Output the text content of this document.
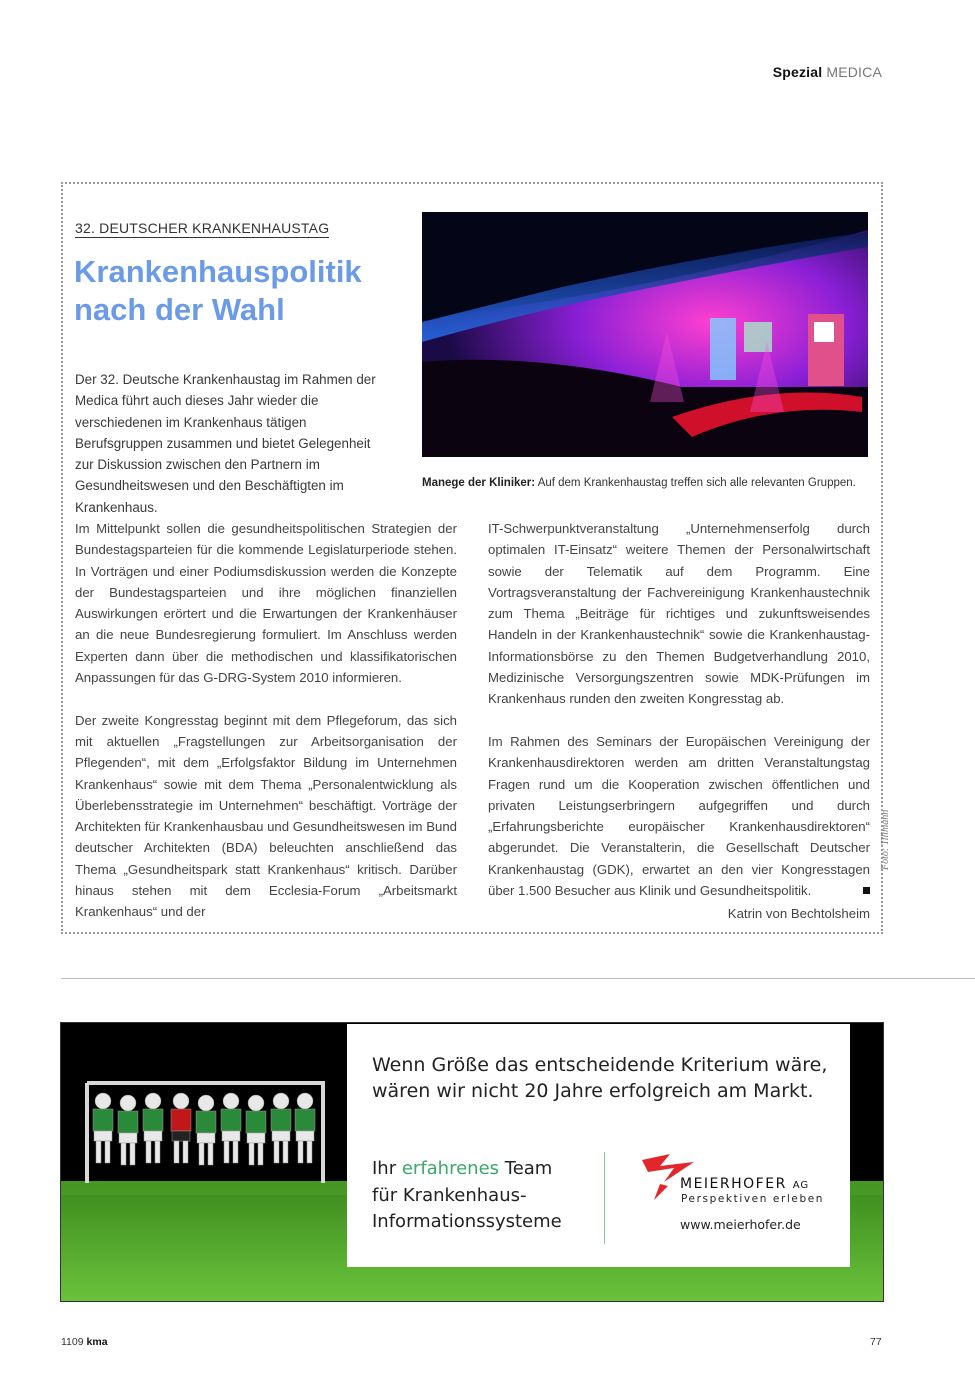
Spezial MEDICA
32. DEUTSCHER KRANKENHAUSTAG
Krankenhauspolitik
nach der Wahl
Der 32. Deutsche Krankenhaustag im Rahmen der Medica führt auch dieses Jahr wieder die verschiedenen im Krankenhaus tätigen Berufsgruppen zusammen und bietet Gelegenheit zur Diskussion zwischen den Partnern im Gesundheitswesen und den Beschäftigten im Krankenhaus.
Manege der Kliniker: Auf dem Krankenhaustag treffen sich alle relevanten Gruppen.

Im Mittelpunkt sollen die gesundheitspolitischen Strategien der Bundestagsparteien für die kommende Legislaturperiode stehen. In Vorträgen und einer Podiumsdiskussion werden die Konzepte der Bundestagsparteien und ihre möglichen finanziellen Auswirkungen erörtert und die Erwartungen der Krankenhäuser an die neue Bundesregierung formuliert. Im Anschluss werden Experten dann über die methodischen und klassifikatorischen Anpassungen für das G-DRG-System 2010 informieren.

Der zweite Kongresstag beginnt mit dem Pflegeforum, das sich mit aktuellen „Fragstellungen zur Arbeitsorganisation der Pflegenden“, mit dem „Erfolgsfaktor Bildung im Unternehmen Krankenhaus“ sowie mit dem Thema „Personalentwicklung als Überlebensstrategie im Unternehmen“ beschäftigt. Vorträge der Architekten für Krankenhausbau und Gesundheitswesen im Bund deutscher Architekten (BDA) beleuchten anschließend das Thema „Gesundheitspark statt Krankenhaus“ kritisch. Darüber hinaus stehen mit dem Ecclesia-Forum „Arbeitsmarkt Krankenhaus“ und der

IT-Schwerpunktveranstaltung „Unternehmenserfolg durch optimalen IT-Einsatz“ weitere Themen der Personalwirtschaft sowie der Telematik auf dem Programm. Eine Vortragsveranstaltung der Fachvereinigung Krankenhaustechnik zum Thema „Beiträge für richtiges und zukunftsweisendes Handeln in der Krankenhaustechnik“ sowie die Krankenhaustag-Informationsbörse zu den Themen Budgetverhandlung 2010, Medizinische Versorgungszentren sowie MDK-Prüfungen im Krankenhaus runden den zweiten Kongresstag ab.

Im Rahmen des Seminars der Europäischen Vereinigung der Krankenhausdirektoren werden am dritten Veranstaltungstag Fragen rund um die Kooperation zwischen öffentlichen und privaten Leistungserbringern aufgegriffen und durch „Erfahrungsberichte europäischer Krankenhausdirektoren“ abgerundet. Die Veranstalterin, die Gesellschaft Deutscher Krankenhaustag (GDK), erwartet an den vier Kongresstagen über 1.500 Besucher aus Klinik und Gesundheitspolitik.

Katrin von Bechtolsheim
Foto: Tillmann
Wenn Größe das entscheidende Kriterium wäre,
wären wir nicht 20 Jahre erfolgreich am Markt.
Ihr erfahrenes Team
für Krankenhaus-
Informationssysteme
MEIERHOFER AG
Perspektiven erleben
www.meierhofer.de
1109 kma	77
